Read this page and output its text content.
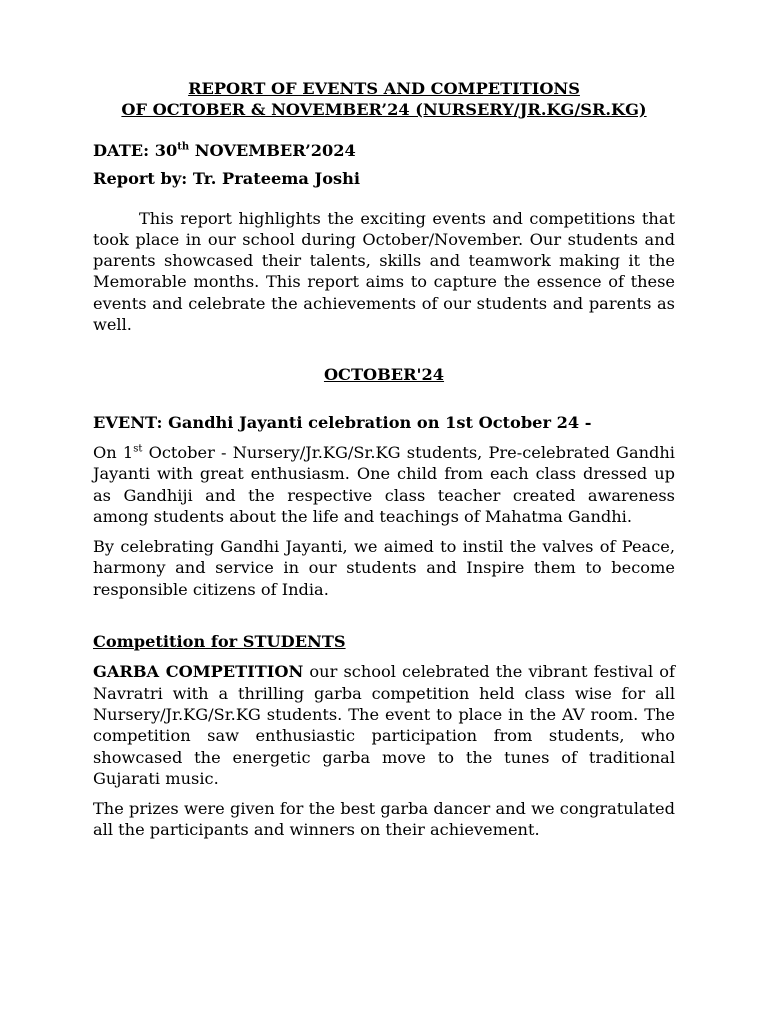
REPORT OF EVENTS AND COMPETITIONS

OF OCTOBER & NOVEMBER’24 (NURSERY/JR.KG/SR.KG)

DATE: 30th NOVEMBER’2024

Report by: Tr. Prateema Joshi

This report highlights the exciting events and competitions that took place in our school during October/November. Our students and parents showcased their talents, skills and teamwork making it the Memorable months. This report aims to capture the essence of these events and celebrate the achievements of our students and parents as well.

OCTOBER'24

EVENT: Gandhi Jayanti celebration on 1st October 24 -

On 1st October - Nursery/Jr.KG/Sr.KG students, Pre-celebrated Gandhi Jayanti with great enthusiasm. One child from each class dressed up as Gandhiji and the respective class teacher created awareness among students about the life and teachings of Mahatma Gandhi.

By celebrating Gandhi Jayanti, we aimed to instil the valves of Peace, harmony and service in our students and Inspire them to become responsible citizens of India.

Competition for STUDENTS

GARBA COMPETITION our school celebrated the vibrant festival of Navratri with a thrilling garba competition held class wise for all Nursery/Jr.KG/Sr.KG students. The event to place in the AV room. The competition saw enthusiastic participation from students, who showcased the energetic garba move to the tunes of traditional Gujarati music.

The prizes were given for the best garba dancer and we congratulated all the participants and winners on their achievement.
